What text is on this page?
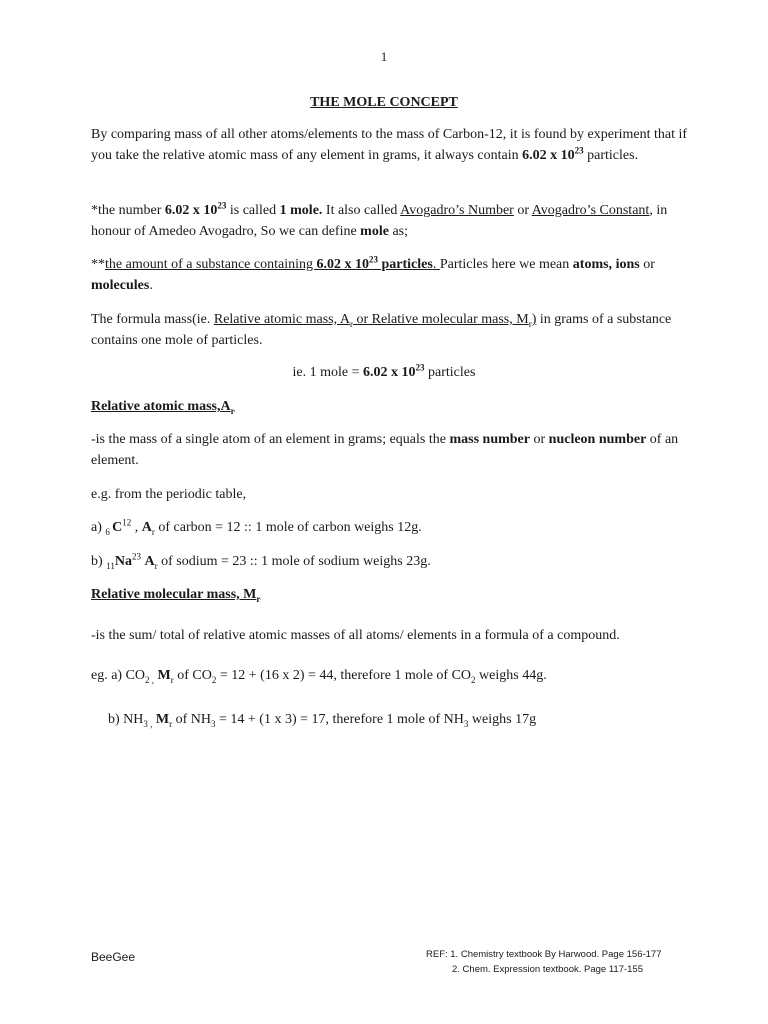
1
THE MOLE CONCEPT

By comparing mass of all other atoms/elements to the mass of Carbon-12, it is found by experiment that if you take the relative atomic mass of any element in grams, it always contain 6.02 x $10^{23}$ particles.

*the number 6.02 x $10^{23}$ is called 1 mole. It also called Avogadro’s Number or Avogadro’s Constant, in honour of Amedeo Avogadro, So we can define mole as;

**the amount of a substance containing 6.02 x $10^{23}$ particles. Particles here we mean atoms, ions or molecules.

The formula mass(ie. Relative atomic mass, $A_r$ or Relative molecular mass, $M_r$) in grams of a substance contains one mole of particles.

ie. 1 mole = 6.02 x $10^{23}$ particles

Relative atomic $mass,A_r$

-is the mass of a single atom of an element in grams; equals the mass number or nucleon number of an element.

e.g. from the periodic table,

a) $_6$ $C^{12}$ , $A_r$ of carbon = 12 :: 1 mole of carbon weighs 12g.

b) $_{11}Na^{23}$ $A_r$ of sodium = 23 :: 1 mole of sodium weighs 23g.

Relative molecular mass, $M_r$

-is the sum/ total of relative atomic masses of all atoms/ elements in a formula of a compound.

eg. a) $CO_{2 ,}$ $M_r$ of $CO_2 = 12 + (16$ x 2) = 44, therefore 1 mole of $CO_2$ weighs 44g.

b) $NH_{3 ,}$ $M_r$ of $NH_3 = 14 + (1$ x 3) = 17, therefore 1 mole of $NH_3$ weighs 17g

BeeGee	REF: 1. Chemistry textbook By Harwood. Page 156-177
2. Chem. Expression textbook. Page 117-155
